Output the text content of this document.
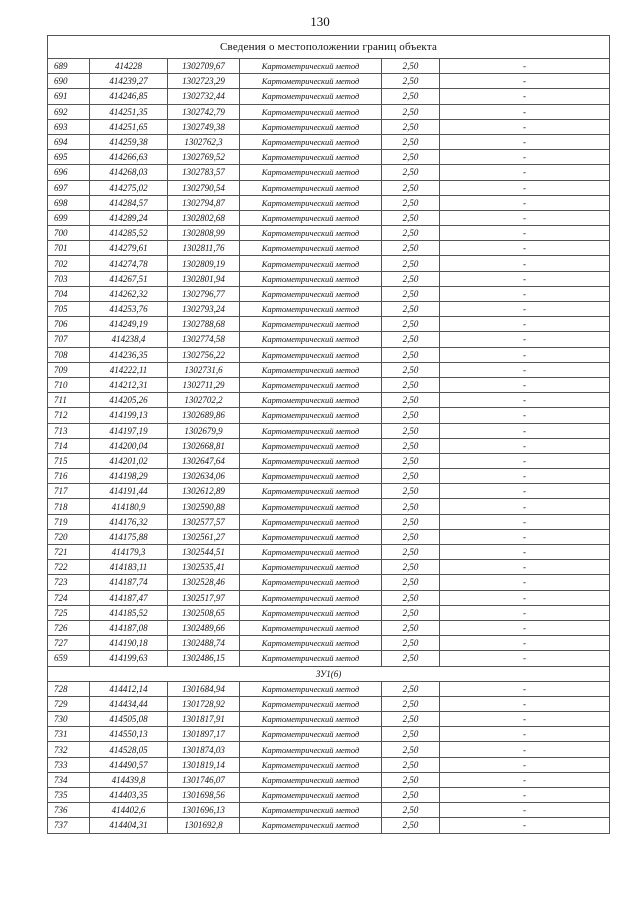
130
Сведения о местоположении границ объекта					
689	414228	1302709,67	Картометрический метод	2,50	-
690	414239,27	1302723,29	Картометрический метод	2,50	-
691	414246,85	1302732,44	Картометрический метод	2,50	-
692	414251,35	1302742,79	Картометрический метод	2,50	-
693	414251,65	1302749,38	Картометрический метод	2,50	-
694	414259,38	1302762,3	Картометрический метод	2,50	-
695	414266,63	1302769,52	Картометрический метод	2,50	-
696	414268,03	1302783,57	Картометрический метод	2,50	-
697	414275,02	1302790,54	Картометрический метод	2,50	-
698	414284,57	1302794,87	Картометрический метод	2,50	-
699	414289,24	1302802,68	Картометрический метод	2,50	-
700	414285,52	1302808,99	Картометрический метод	2,50	-
701	414279,61	1302811,76	Картометрический метод	2,50	-
702	414274,78	1302809,19	Картометрический метод	2,50	-
703	414267,51	1302801,94	Картометрический метод	2,50	-
704	414262,32	1302796,77	Картометрический метод	2,50	-
705	414253,76	1302793,24	Картометрический метод	2,50	-
706	414249,19	1302788,68	Картометрический метод	2,50	-
707	414238,4	1302774,58	Картометрический метод	2,50	-
708	414236,35	1302756,22	Картометрический метод	2,50	-
709	414222,11	1302731,6	Картометрический метод	2,50	-
710	414212,31	1302711,29	Картометрический метод	2,50	-
711	414205,26	1302702,2	Картометрический метод	2,50	-
712	414199,13	1302689,86	Картометрический метод	2,50	-
713	414197,19	1302679,9	Картометрический метод	2,50	-
714	414200,04	1302668,81	Картометрический метод	2,50	-
715	414201,02	1302647,64	Картометрический метод	2,50	-
716	414198,29	1302634,06	Картометрический метод	2,50	-
717	414191,44	1302612,89	Картометрический метод	2,50	-
718	414180,9	1302590,88	Картометрический метод	2,50	-
719	414176,32	1302577,57	Картометрический метод	2,50	-
720	414175,88	1302561,27	Картометрический метод	2,50	-
721	414179,3	1302544,51	Картометрический метод	2,50	-
722	414183,11	1302535,41	Картометрический метод	2,50	-
723	414187,74	1302528,46	Картометрический метод	2,50	-
724	414187,47	1302517,97	Картометрический метод	2,50	-
725	414185,52	1302508,65	Картометрический метод	2,50	-
726	414187,08	1302489,66	Картометрический метод	2,50	-
727	414190,18	1302488,74	Картометрический метод	2,50	-
659	414199,63	1302486,15	Картометрический метод	2,50	-
ЗУ1(6)					
728	414412,14	1301684,94	Картометрический метод	2,50	-
729	414434,44	1301728,92	Картометрический метод	2,50	-
730	414505,08	1301817,91	Картометрический метод	2,50	-
731	414550,13	1301897,17	Картометрический метод	2,50	-
732	414528,05	1301874,03	Картометрический метод	2,50	-
733	414490,57	1301819,14	Картометрический метод	2,50	-
734	414439,8	1301746,07	Картометрический метод	2,50	-
735	414403,35	1301698,56	Картометрический метод	2,50	-
736	414402,6	1301696,13	Картометрический метод	2,50	-
737	414404,31	1301692,8	Картометрический метод	2,50	-
